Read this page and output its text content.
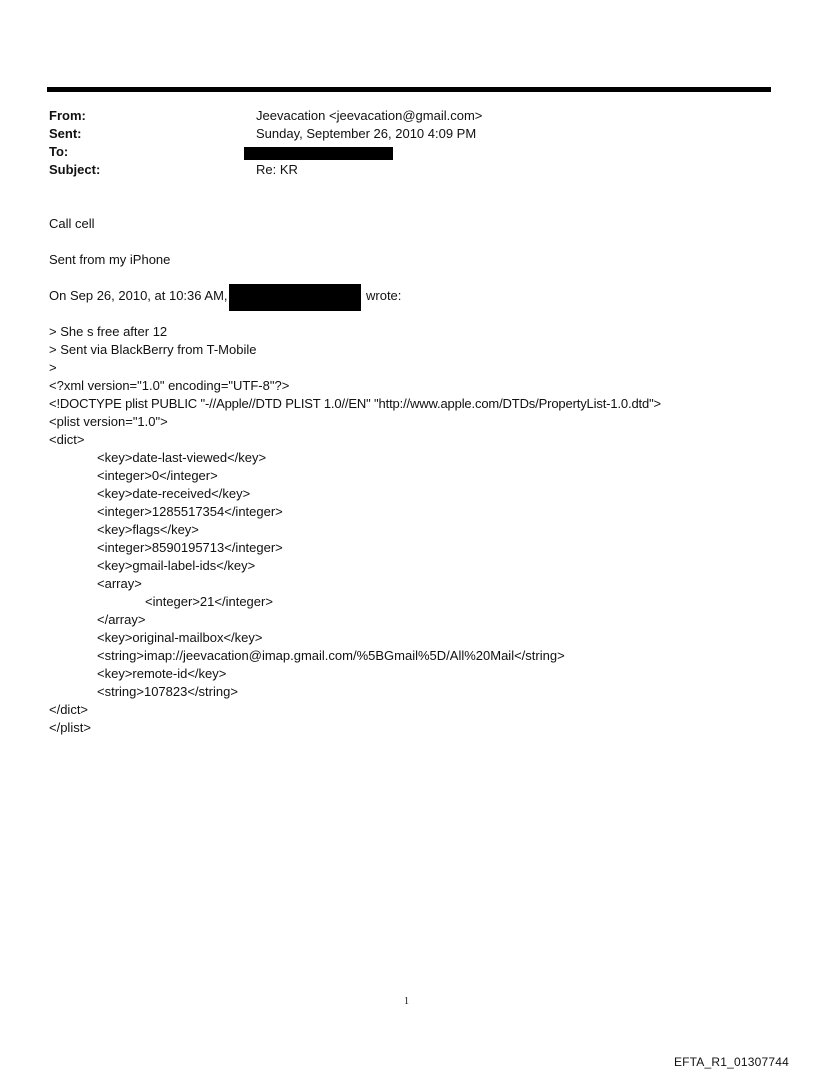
From:	Jeevacation <jeevacation@gmail.com>
Sent:	Sunday, September 26, 2010 4:09 PM
To:
Subject:	Re: KR
Call cell
Sent from my iPhone
On Sep 26, 2010, at 10:36 AM,	wrote:
> She s free after 12
> Sent via BlackBerry from T-Mobile
>
<?xml version="1.0" encoding="UTF-8"?>
<!DOCTYPE plist PUBLIC "-//Apple//DTD PLIST 1.0//EN" "http://www.apple.com/DTDs/PropertyList-1.0.dtd">
<plist version="1.0">
<dict>
<key>date-last-viewed</key>
<integer>0</integer>
<key>date-received</key>
<integer>1285517354</integer>
<key>flags</key>
<integer>8590195713</integer>
<key>gmail-label-ids</key>
<array>
<integer>21</integer>
</array>
<key>original-mailbox</key>
<string>imap://jeevacation@imap.gmail.com/%5BGmail%5D/All%20Mail</string>
<key>remote-id</key>
<string>107823</string>
</dict>
</plist>
1
EFTA_R1_01307744
